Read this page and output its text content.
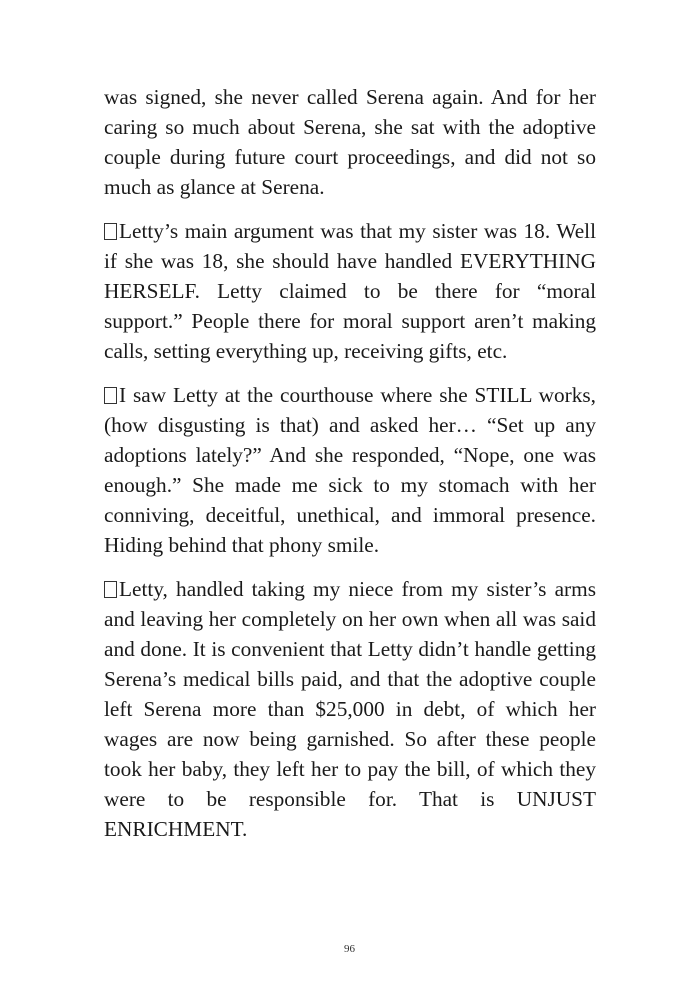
was signed, she never called Serena again. And for her caring so much about Serena, she sat with the adoptive couple during future court proceedings, and did not so much as glance at Serena.

Letty’s main argument was that my sister was 18. Well if she was 18, she should have handled EVERYTHING HERSELF. Letty claimed to be there for “moral support.” People there for moral support aren’t making calls, setting everything up, receiving gifts, etc.

I saw Letty at the courthouse where she STILL works, (how disgusting is that) and asked her… “Set up any adoptions lately?” And she responded, “Nope, one was enough.” She made me sick to my stomach with her conniving, deceitful, unethical, and immoral presence. Hiding behind that phony smile.

Letty, handled taking my niece from my sister’s arms and leaving her completely on her own when all was said and done. It is convenient that Letty didn’t handle getting Serena’s medical bills paid, and that the adoptive couple left Serena more than $25,000 in debt, of which her wages are now being garnished. So after these people took her baby, they left her to pay the bill, of which they were to be responsible for. That is UNJUST ENRICHMENT.

96
